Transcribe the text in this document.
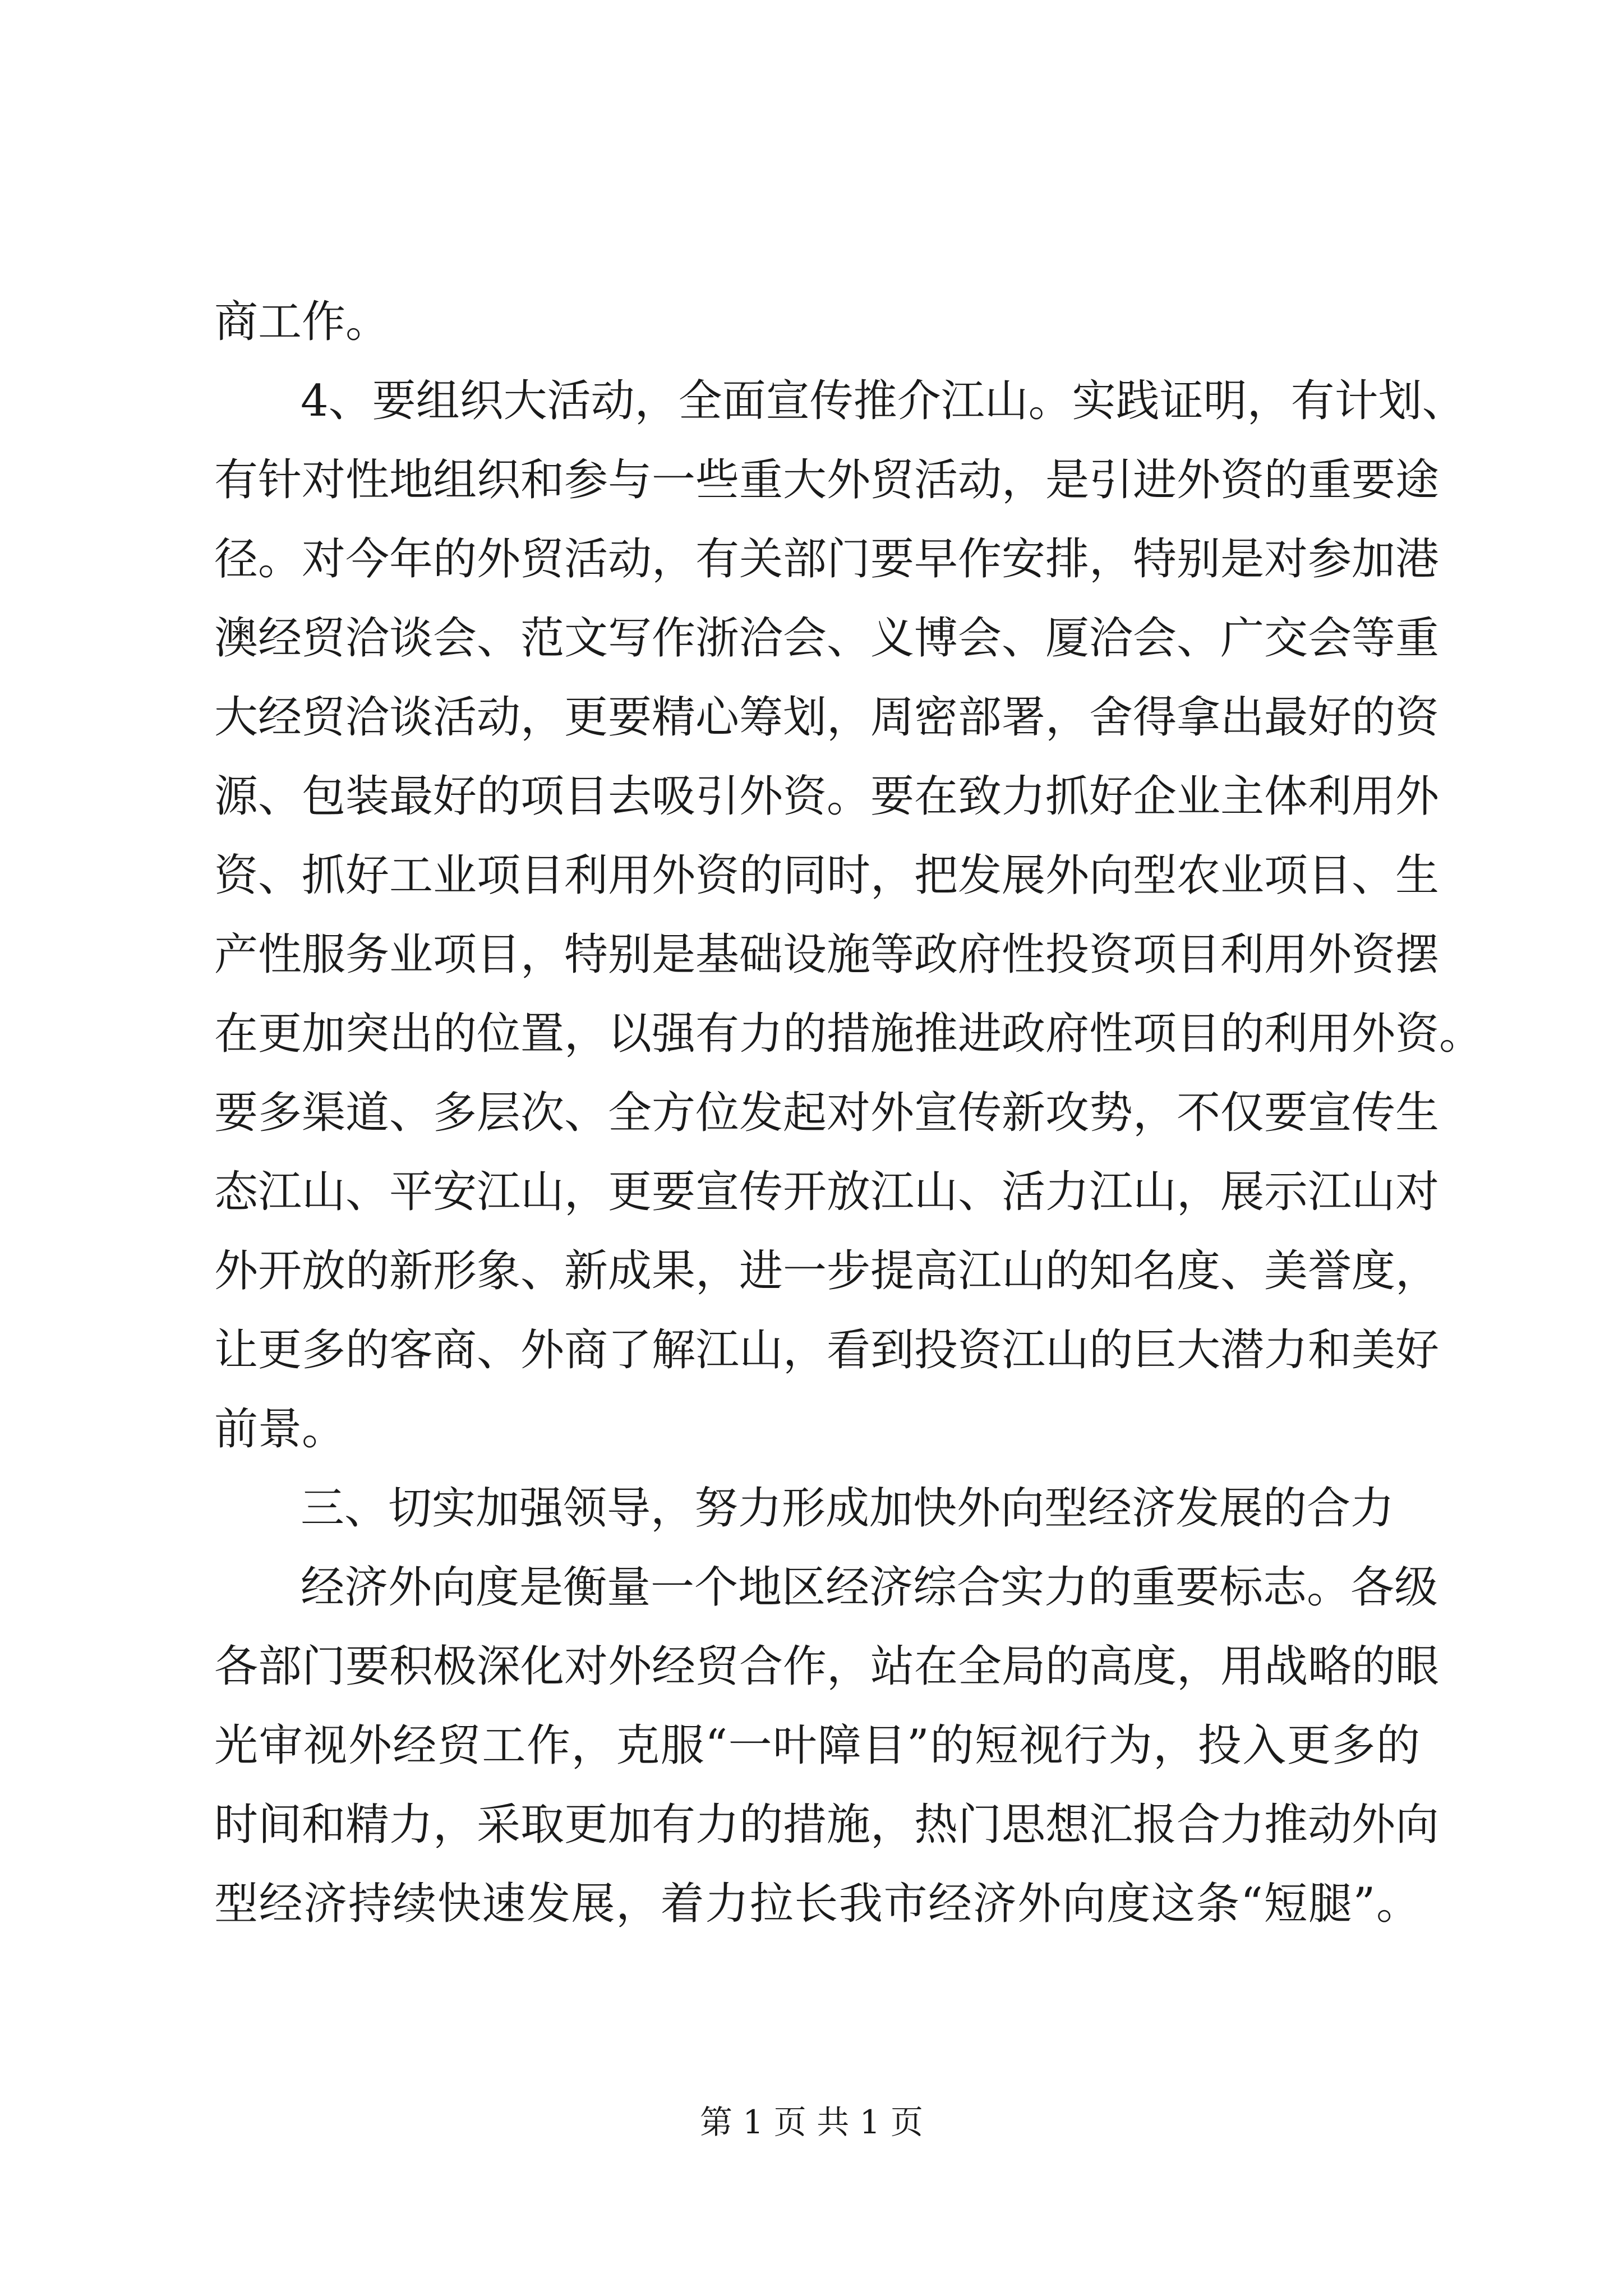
商工作。
4、要组织大活动，全面宣传推介江山。实践证明，有计划、
有针对性地组织和参与一些重大外贸活动，是引进外资的重要途
径。对今年的外贸活动，有关部门要早作安排，特别是对参加港
澳经贸洽谈会、范文写作浙洽会、义博会、厦洽会、广交会等重
大经贸洽谈活动，更要精心筹划，周密部署，舍得拿出最好的资
源、包装最好的项目去吸引外资。要在致力抓好企业主体利用外
资、抓好工业项目利用外资的同时，把发展外向型农业项目、生
产性服务业项目，特别是基础设施等政府性投资项目利用外资摆
在更加突出的位置，以强有力的措施推进政府性项目的利用外资。
要多渠道、多层次、全方位发起对外宣传新攻势，不仅要宣传生
态江山、平安江山，更要宣传开放江山、活力江山，展示江山对
外开放的新形象、新成果，进一步提高江山的知名度、美誉度，
让更多的客商、外商了解江山，看到投资江山的巨大潜力和美好
前景。
三、切实加强领导，努力形成加快外向型经济发展的合力
经济外向度是衡量一个地区经济综合实力的重要标志。各级
各部门要积极深化对外经贸合作，站在全局的高度，用战略的眼
光审视外经贸工作，克服“一叶障目”的短视行为，投入更多的
时间和精力，采取更加有力的措施，热门思想汇报合力推动外向
型经济持续快速发展，着力拉长我市经济外向度这条“短腿”。
第 1 页 共 1 页
